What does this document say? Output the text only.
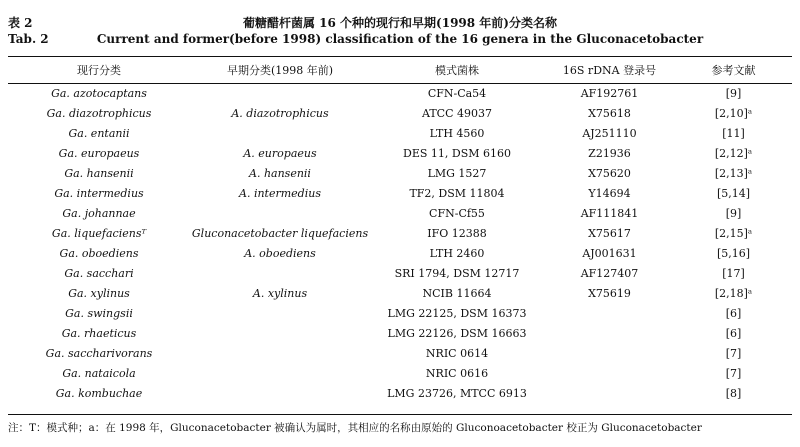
表 2	葡糖醋杆菌属 16 个种的现行和早期(1998 年前)分类名称
Tab. 2	Current and former(before 1998) classification of the 16 genera in the Gluconacetobacter
现行分类	早期分类(1998 年前)	模式菌株	16S rDNA 登录号	参考文献
Ga. azotocaptans		CFN-Ca54	AF192761	[9]
Ga. diazotrophicus	A. diazotrophicus	ATCC 49037	X75618	[2,10]ᵃ
Ga. entanii		LTH 4560	AJ251110	[11]
Ga. europaeus	A. europaeus	DES 11, DSM 6160	Z21936	[2,12]ᵃ
Ga. hansenii	A. hansenii	LMG 1527	X75620	[2,13]ᵃ
Ga. intermedius	A. intermedius	TF2, DSM 11804	Y14694	[5,14]
Ga. johannae		CFN-Cf55	AF111841	[9]
Ga. liquefaciensᵀ	Gluconacetobacter liquefaciens	IFO 12388	X75617	[2,15]ᵃ
Ga. oboediens	A. oboediens	LTH 2460	AJ001631	[5,16]
Ga. sacchari		SRI 1794, DSM 12717	AF127407	[17]
Ga. xylinus	A. xylinus	NCIB 11664	X75619	[2,18]ᵃ
Ga. swingsii		LMG 22125, DSM 16373		[6]
Ga. rhaeticus		LMG 22126, DSM 16663		[6]
Ga. saccharivorans		NRIC 0614		[7]
Ga. nataicola		NRIC 0616		[7]
Ga. kombuchae		LMG 23726, MTCC 6913		[8]
注：T：模式种；a：在 1998 年，Gluconacetobacter 被确认为属时，其相应的名称由原始的 Gluconoacetobacter 校正为 Gluconacetobacter
